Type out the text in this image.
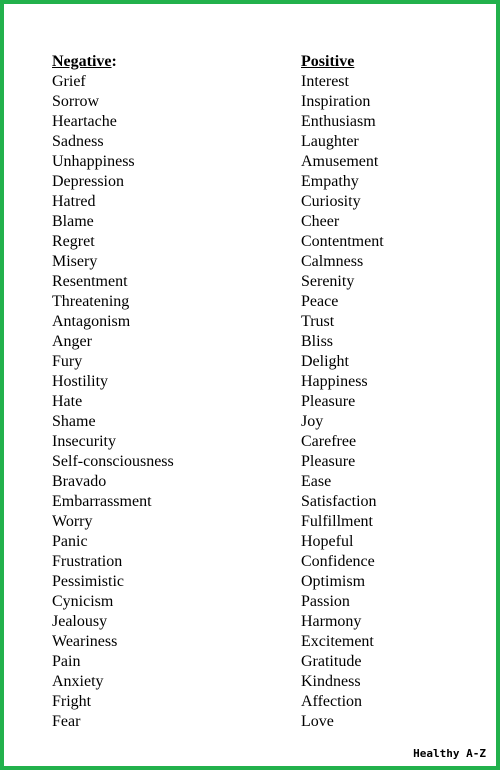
Negative:
Grief
Sorrow
Heartache
Sadness
Unhappiness
Depression
Hatred
Blame
Regret
Misery
Resentment
Threatening
Antagonism
Anger
Fury
Hostility
Hate
Shame
Insecurity
Self-consciousness
Bravado
Embarrassment
Worry
Panic
Frustration
Pessimistic
Cynicism
Jealousy
Weariness
Pain
Anxiety
Fright
Fear
Positive
Interest
Inspiration
Enthusiasm
Laughter
Amusement
Empathy
Curiosity
Cheer
Contentment
Calmness
Serenity
Peace
Trust
Bliss
Delight
Happiness
Pleasure
Joy
Carefree
Pleasure
Ease
Satisfaction
Fulfillment
Hopeful
Confidence
Optimism
Passion
Harmony
Excitement
Gratitude
Kindness
Affection
Love
Healthy A-Z
